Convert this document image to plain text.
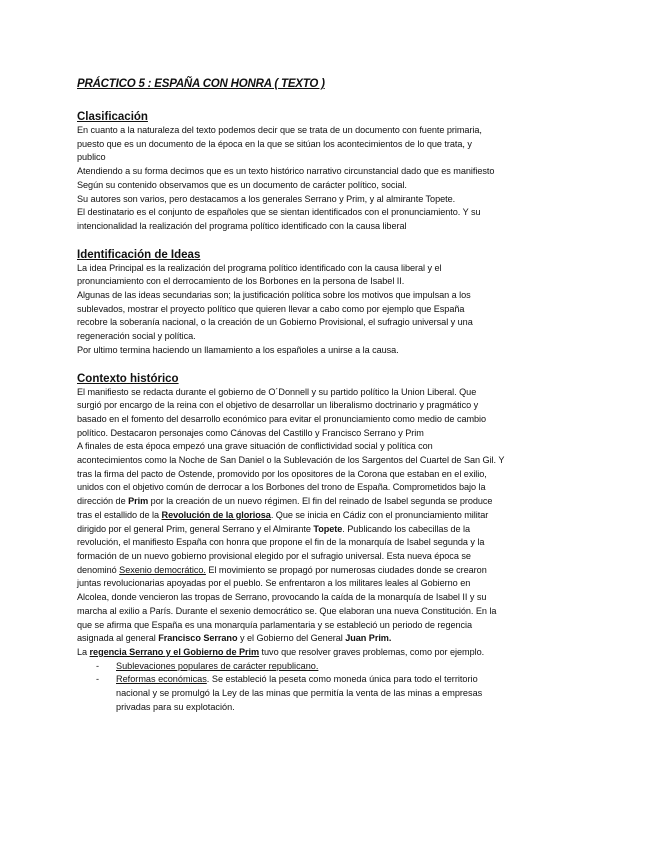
PRÁCTICO 5 : ESPAÑA CON HONRA ( TEXTO )
Clasificación
En cuanto a la naturaleza del texto podemos decir que se trata de un documento con fuente primaria,
puesto que es un documento de la época en la que se sitúan los acontecimientos de lo que trata, y
publico
Atendiendo a su forma decimos que es un texto histórico narrativo circunstancial dado que es manifiesto
Según su contenido observamos que es un documento de carácter político, social.
Su autores son varios, pero destacamos a los generales Serrano y Prim, y al almirante Topete.
El destinatario es el conjunto de españoles que se sientan identificados con el pronunciamiento. Y su
intencionalidad la realización del programa político identificado con la causa liberal
Identificación de Ideas
La idea Principal es la realización del programa político identificado con la causa liberal y el
pronunciamiento con el derrocamiento de los Borbones en la persona de Isabel II.
Algunas de las ideas secundarias son; la justificación política sobre los motivos que impulsan a los
sublevados, mostrar el proyecto político que quieren llevar a cabo como por ejemplo que España
recobre la soberanía nacional, o la creación de un Gobierno Provisional, el sufragio universal y una
regeneración social y política.
Por ultimo termina haciendo un llamamiento a los españoles a unirse a la causa.
Contexto histórico
El manifiesto se redacta durante el gobierno de O´Donnell y su partido político la Union Liberal. Que
surgió por encargo de la reina con el objetivo de desarrollar un liberalismo doctrinario y pragmático y
basado en el fomento del desarrollo económico para evitar el pronunciamiento como medio de cambio
político. Destacaron personajes como Cánovas del Castillo y Francisco Serrano y Prim
A finales de esta época empezó una grave situación de conflictividad social y política con
acontecimientos como la Noche de San Daniel o la Sublevación de los Sargentos del Cuartel de San Gil. Y
tras la firma del pacto de Ostende, promovido por los opositores de la Corona que estaban en el exilio,
unidos con el objetivo común de derrocar a los Borbones del trono de España. Comprometidos bajo la
dirección de Prim por la creación de un nuevo régimen. El fin del reinado de Isabel segunda se produce
tras el estallido de la Revolución de la gloriosa. Que se inicia en Cádiz con el pronunciamiento militar
dirigido por el general Prim, general Serrano y el Almirante Topete. Publicando los cabecillas de la
revolución, el manifiesto España con honra que propone el fin de la monarquía de Isabel segunda y la
formación de un nuevo gobierno provisional elegido por el sufragio universal. Esta nueva época se
denominó Sexenio democrático. El movimiento se propagó por numerosas ciudades donde se crearon
juntas revolucionarias apoyadas por el pueblo. Se enfrentaron a los militares leales al Gobierno en
Alcolea, donde vencieron las tropas de Serrano, provocando la caída de la monarquía de Isabel II y su
marcha al exilio a París. Durante el sexenio democrático se. Que elaboran una nueva Constitución. En la
que se afirma que España es una monarquía parlamentaria y se estableció un periodo de regencia
asignada al general Francisco Serrano y el Gobierno del General Juan Prim.
La regencia Serrano y el Gobierno de Prim tuvo que resolver graves problemas, como por ejemplo.
- Sublevaciones populares de carácter republicano.
- Reformas económicas. Se estableció la peseta como moneda única para todo el territorio
nacional y se promulgó la Ley de las minas que permitía la venta de las minas a empresas
privadas para su explotación.
